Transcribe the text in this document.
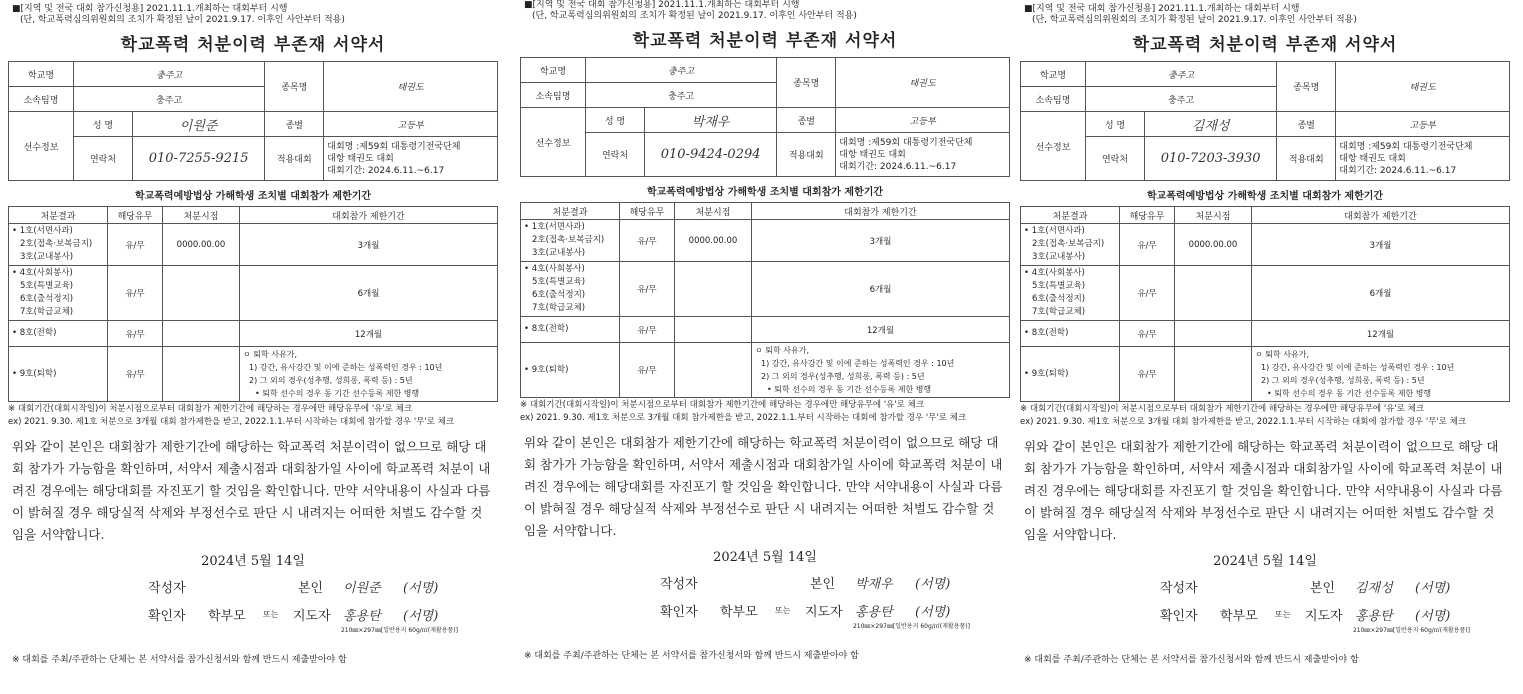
■[지역 및 전국 대회 참가신청용] 2021.11.1.개최하는 대회부터 시행
(단, 학교폭력심의위원회의 조치가 확정된 날이 2021.9.17. 이후인 사안부터 적용)
학교폭력 처분이력 부존재 서약서
학교명	충주고		종목명	태권도
소속팀명	충주고			
선수정보	성 명	이원준	종별	고등부
	연락처	010-7255-9215	적용대회	대회명 :제59회 대통령기전국단체
대항 태권도 대회
대회기간: 2024.6.11.~6.17
학교폭력예방법상 가해학생 조치별 대회참가 제한기간
처분결과	해당유무	처분시점	대회참가 제한기간

• 1호(서면사과)
2호(접촉·보복금지)
3호(교내봉사)	유/무	0000.00.00	3개월

• 4호(사회봉사)
5호(특별교육)
6호(출석정지)
7호(학급교체)	유/무		6개월

• 8호(전학)	유/무		12개월

• 9호(퇴학)	유/무		ㅇ 퇴학 사유가,
1) 강간, 유사강간 및 이에 준하는 성폭력인 경우 : 10년
2) 그 외의 경우(성추행, 성희롱, 폭력 등) : 5년
• 퇴학 선수의 경우 동 기간 선수등록 제한 병행
※ 대회기간(대회시작일)이 처분시점으로부터 대회참가 제한기간에 해당하는 경우에만 해당유무에 '유'로 체크
ex) 2021. 9.30. 제1호 처분으로 3개월 대회 참가제한을 받고, 2022.1.1.부터 시작하는 대회에 참가할 경우 '무'로 체크
위와 같이 본인은 대회참가 제한기간에 해당하는 학교폭력 처분이력이 없으므로 해당 대회 참가가 가능함을 확인하며, 서약서 제출시점과 대회참가일 사이에 학교폭력 처분이 내려진 경우에는 해당대회를 자진포기 할 것임을 확인합니다. 만약 서약내용이 사실과 다름이 밝혀질 경우 해당실적 삭제와 부정선수로 판단 시 내려지는 어떠한 처벌도 감수할 것임을 서약합니다.
2024년 5월 14일
작성자	본인 이원준 (서명)
확인자 학부모 또는 지도자 홍용탄 (서명)
210㎜×297㎜[일반용지 60g/㎡(재활용품)]
※ 대회를 주최/주관하는 단체는 본 서약서를 참가신청서와 함께 반드시 제출받아야 함
■[지역 및 전국 대회 참가신청용] 2021.11.1.개최하는 대회부터 시행
(단, 학교폭력심의위원회의 조치가 확정된 날이 2021.9.17. 이후인 사안부터 적용)
학교폭력 처분이력 부존재 서약서
학교명	충주고		종목명	태권도
소속팀명	충주고			
선수정보	성 명	박재우	종별	고등부
	연락처	010-9424-0294	적용대회	대회명 :제59회 대통령기전국단체
대항 태권도 대회
대회기간: 2024.6.11.~6.17
학교폭력예방법상 가해학생 조치별 대회참가 제한기간
처분결과	해당유무	처분시점	대회참가 제한기간

• 1호(서면사과)
2호(접촉·보복금지)
3호(교내봉사)	유/무	0000.00.00	3개월

• 4호(사회봉사)
5호(특별교육)
6호(출석정지)
7호(학급교체)	유/무		6개월

• 8호(전학)	유/무		12개월

• 9호(퇴학)	유/무		ㅇ 퇴학 사유가,
1) 강간, 유사강간 및 이에 준하는 성폭력인 경우 : 10년
2) 그 외의 경우(성추행, 성희롱, 폭력 등) : 5년
• 퇴학 선수의 경우 동 기간 선수등록 제한 병행
※ 대회기간(대회시작일)이 처분시점으로부터 대회참가 제한기간에 해당하는 경우에만 해당유무에 '유'로 체크
ex) 2021. 9.30. 제1호 처분으로 3개월 대회 참가제한을 받고, 2022.1.1.부터 시작하는 대회에 참가할 경우 '무'로 체크
위와 같이 본인은 대회참가 제한기간에 해당하는 학교폭력 처분이력이 없으므로 해당 대회 참가가 가능함을 확인하며, 서약서 제출시점과 대회참가일 사이에 학교폭력 처분이 내려진 경우에는 해당대회를 자진포기 할 것임을 확인합니다. 만약 서약내용이 사실과 다름이 밝혀질 경우 해당실적 삭제와 부정선수로 판단 시 내려지는 어떠한 처벌도 감수할 것임을 서약합니다.
2024년 5월 14일
작성자	본인 박재우 (서명)
확인자 학부모 또는 지도자 홍용탄 (서명)
210㎜×297㎜[일반용지 60g/㎡(재활용품)]
※ 대회를 주최/주관하는 단체는 본 서약서를 참가신청서와 함께 반드시 제출받아야 함
■[지역 및 전국 대회 참가신청용] 2021.11.1.개최하는 대회부터 시행
(단, 학교폭력심의위원회의 조치가 확정된 날이 2021.9.17. 이후인 사안부터 적용)
학교폭력 처분이력 부존재 서약서
학교명	충주고		종목명	태권도
소속팀명	충주고			
선수정보	성 명	김재성	종별	고등부
	연락처	010-7203-3930	적용대회	대회명 :제59회 대통령기전국단체
대항 태권도 대회
대회기간: 2024.6.11.~6.17
학교폭력예방법상 가해학생 조치별 대회참가 제한기간
처분결과	해당유무	처분시점	대회참가 제한기간

• 1호(서면사과)
2호(접촉·보복금지)
3호(교내봉사)	유/무	0000.00.00	3개월

• 4호(사회봉사)
5호(특별교육)
6호(출석정지)
7호(학급교체)	유/무		6개월

• 8호(전학)	유/무		12개월

• 9호(퇴학)	유/무		ㅇ 퇴학 사유가,
1) 강간, 유사강간 및 이에 준하는 성폭력인 경우 : 10년
2) 그 외의 경우(성추행, 성희롱, 폭력 등) : 5년
• 퇴학 선수의 경우 동 기간 선수등록 제한 병행
※ 대회기간(대회시작일)이 처분시점으로부터 대회참가 제한기간에 해당하는 경우에만 해당유무에 '유'로 체크
ex) 2021. 9.30. 제1호 처분으로 3개월 대회 참가제한을 받고, 2022.1.1.부터 시작하는 대회에 참가할 경우 '무'로 체크
위와 같이 본인은 대회참가 제한기간에 해당하는 학교폭력 처분이력이 없으므로 해당 대회 참가가 가능함을 확인하며, 서약서 제출시점과 대회참가일 사이에 학교폭력 처분이 내려진 경우에는 해당대회를 자진포기 할 것임을 확인합니다. 만약 서약내용이 사실과 다름이 밝혀질 경우 해당실적 삭제와 부정선수로 판단 시 내려지는 어떠한 처벌도 감수할 것임을 서약합니다.
2024년 5월 14일
작성자	본인 김재성 (서명)
확인자 학부모 또는 지도자 홍용탄 (서명)
210㎜×297㎜[일반용지 60g/㎡(재활용품)]
※ 대회를 주최/주관하는 단체는 본 서약서를 참가신청서와 함께 반드시 제출받아야 함
